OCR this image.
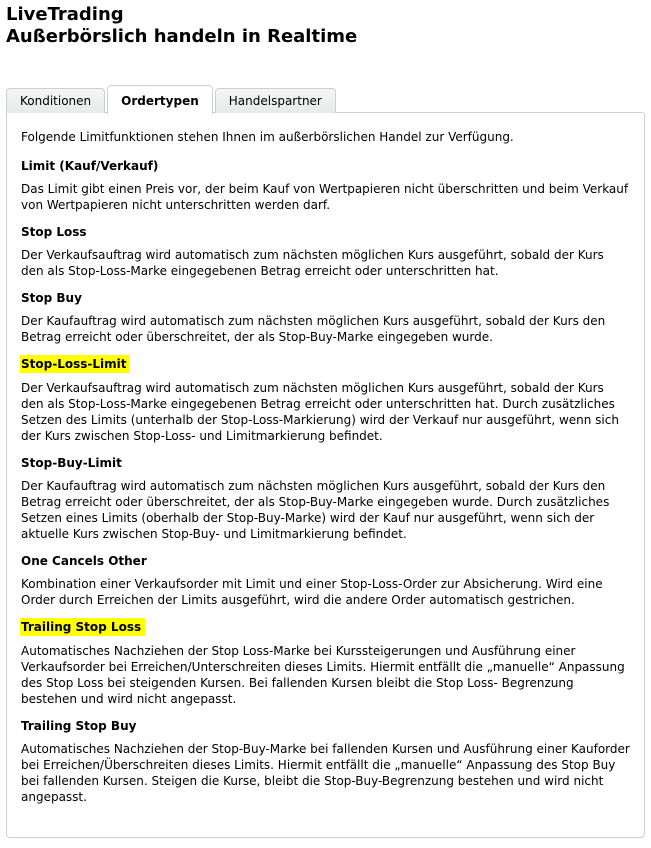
LiveTrading
Außerbörslich handeln in Realtime
Konditionen	Ordertypen	Handelspartner

Folgende Limitfunktionen stehen Ihnen im außerbörslichen Handel zur Verfügung.

Limit (Kauf/Verkauf)

Das Limit gibt einen Preis vor, der beim Kauf von Wertpapieren nicht überschritten und beim Verkauf von Wertpapieren nicht unterschritten werden darf.

Stop Loss

Der Verkaufsauftrag wird automatisch zum nächsten möglichen Kurs ausgeführt, sobald der Kurs den als Stop-Loss-Marke eingegebenen Betrag erreicht oder unterschritten hat.

Stop Buy

Der Kaufauftrag wird automatisch zum nächsten möglichen Kurs ausgeführt, sobald der Kurs den Betrag erreicht oder überschreitet, der als Stop-Buy-Marke eingegeben wurde.

Stop-Loss-Limit

Der Verkaufsauftrag wird automatisch zum nächsten möglichen Kurs ausgeführt, sobald der Kurs den als Stop-Loss-Marke eingegebenen Betrag erreicht oder unterschritten hat. Durch zusätzliches Setzen des Limits (unterhalb der Stop-Loss-Markierung) wird der Verkauf nur ausgeführt, wenn sich der Kurs zwischen Stop-Loss- und Limitmarkierung befindet.

Stop-Buy-Limit

Der Kaufauftrag wird automatisch zum nächsten möglichen Kurs ausgeführt, sobald der Kurs den Betrag erreicht oder überschreitet, der als Stop-Buy-Marke eingegeben wurde. Durch zusätzliches Setzen eines Limits (oberhalb der Stop-Buy-Marke) wird der Kauf nur ausgeführt, wenn sich der aktuelle Kurs zwischen Stop-Buy- und Limitmarkierung befindet.

One Cancels Other

Kombination einer Verkaufsorder mit Limit und einer Stop-Loss-Order zur Absicherung. Wird eine Order durch Erreichen der Limits ausgeführt, wird die andere Order automatisch gestrichen.

Trailing Stop Loss

Automatisches Nachziehen der Stop Loss-Marke bei Kurssteigerungen und Ausführung einer Verkaufsorder bei Erreichen/Unterschreiten dieses Limits. Hiermit entfällt die „manuelle“ Anpassung des Stop Loss bei steigenden Kursen. Bei fallenden Kursen bleibt die Stop Loss- Begrenzung bestehen und wird nicht angepasst.

Trailing Stop Buy

Automatisches Nachziehen der Stop-Buy-Marke bei fallenden Kursen und Ausführung einer Kauforder bei Erreichen/Überschreiten dieses Limits. Hiermit entfällt die „manuelle“ Anpassung des Stop Buy bei fallenden Kursen. Steigen die Kurse, bleibt die Stop-Buy-Begrenzung bestehen und wird nicht angepasst.
